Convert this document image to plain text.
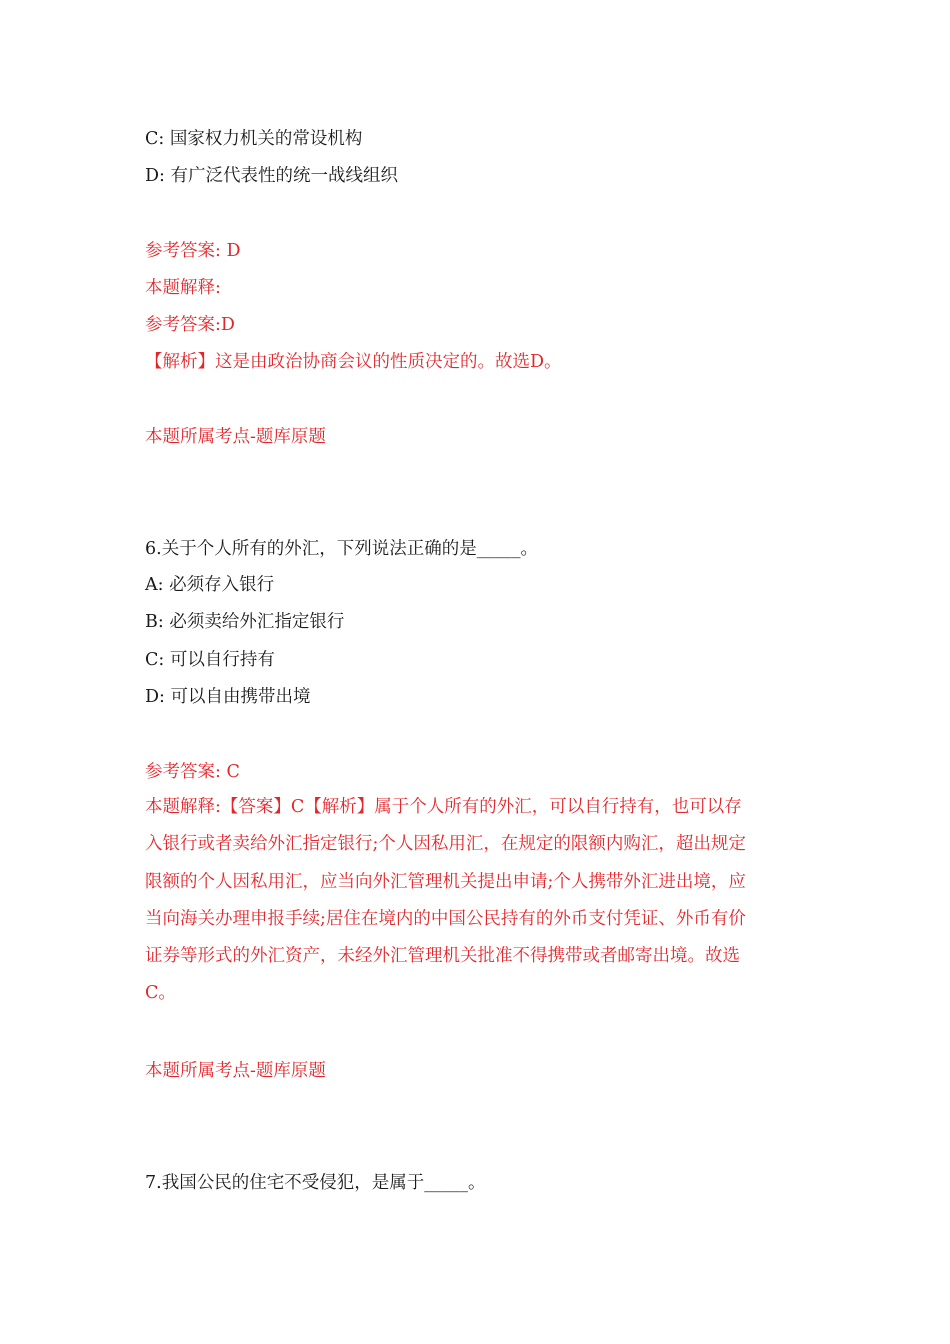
C: 国家权力机关的常设机构
D: 有广泛代表性的统一战线组织
参考答案: D
本题解释:
参考答案:D
【解析】这是由政治协商会议的性质决定的。故选D。
本题所属考点-题库原题
6.关于个人所有的外汇，下列说法正确的是_____。
A: 必须存入银行
B: 必须卖给外汇指定银行
C: 可以自行持有
D: 可以自由携带出境
参考答案: C
本题解释:【答案】C【解析】属于个人所有的外汇，可以自行持有，也可以存
入银行或者卖给外汇指定银行;个人因私用汇，在规定的限额内购汇，超出规定
限额的个人因私用汇，应当向外汇管理机关提出申请;个人携带外汇进出境，应
当向海关办理申报手续;居住在境内的中国公民持有的外币支付凭证、外币有价
证券等形式的外汇资产，未经外汇管理机关批准不得携带或者邮寄出境。故选
C。
本题所属考点-题库原题
7.我国公民的住宅不受侵犯，是属于_____。
